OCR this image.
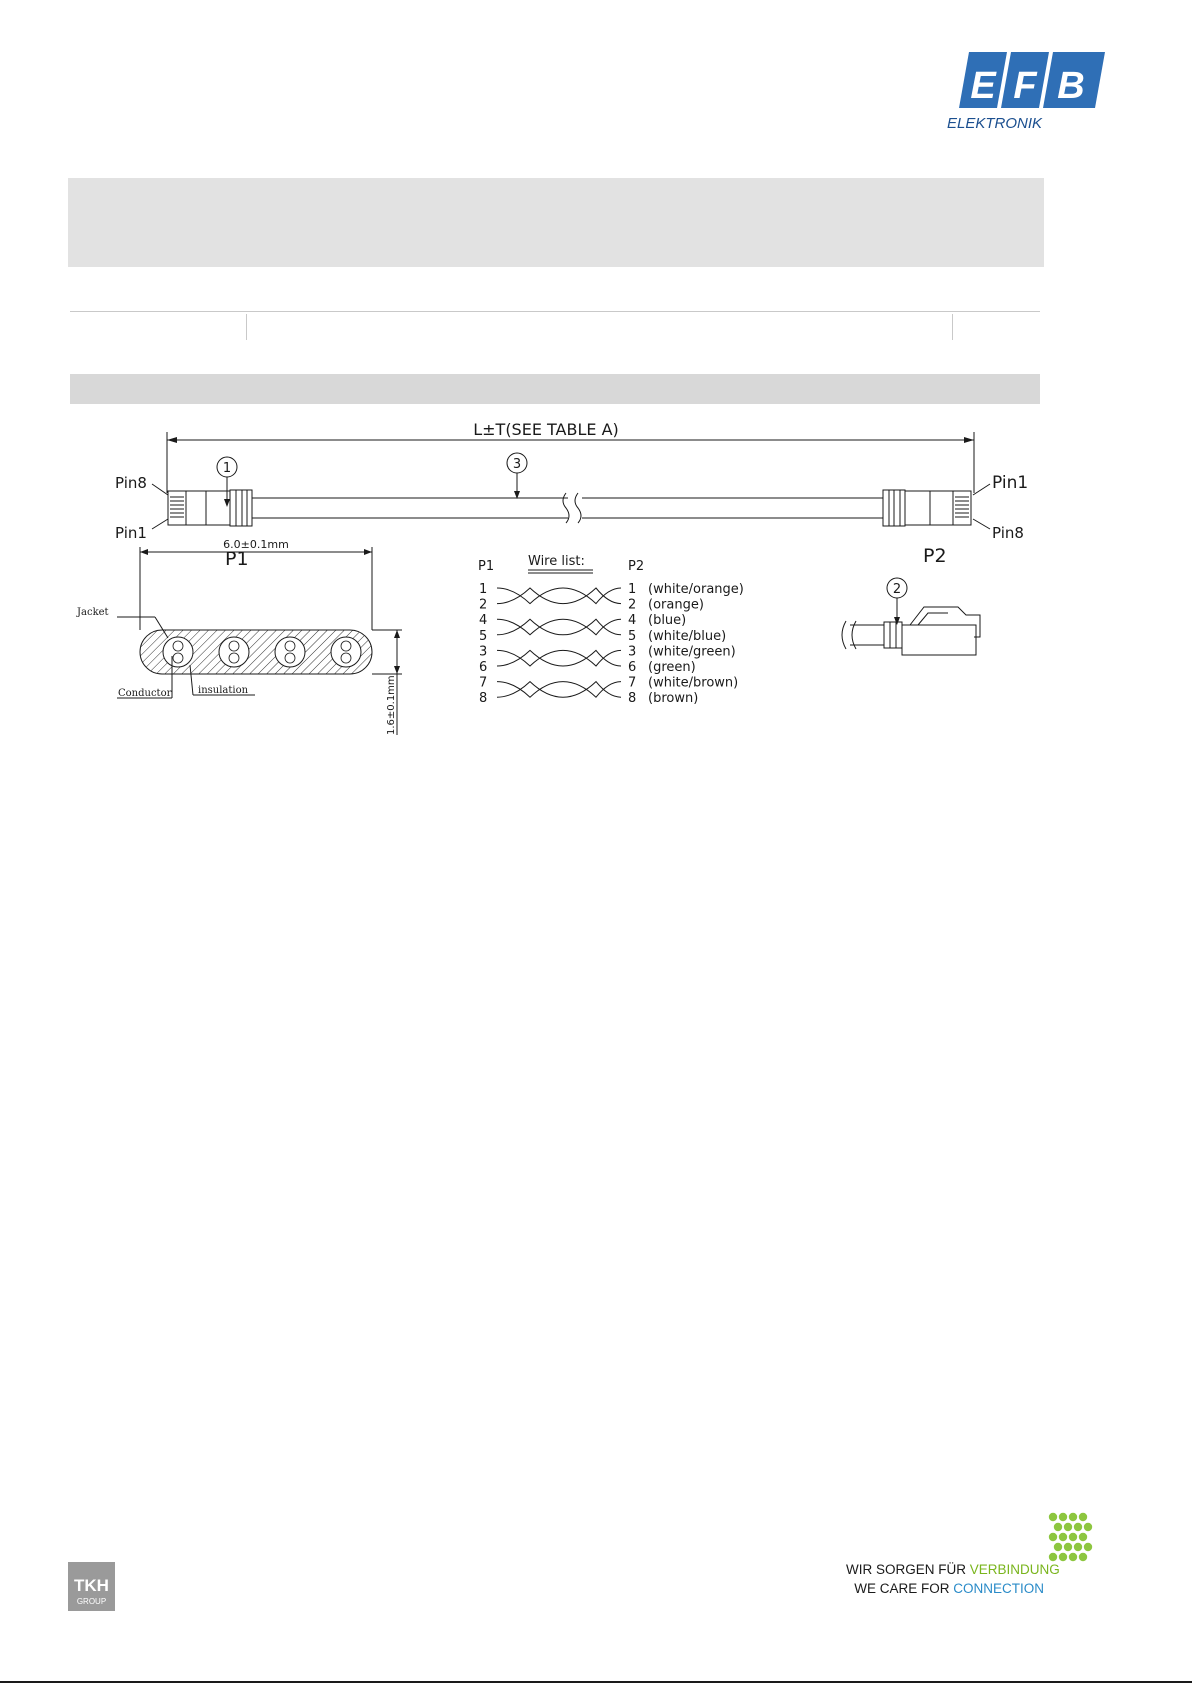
E F B
ELEKTRONIK
L±T(SEE TABLE A)
Pin8
Pin1
Pin1
Pin8
P1	P2
1	3
6.0±0.1mm
1.6±0.1mm
Jacket
Conductor	insulation
P1	P2
Wire list:
1	1 (white/orange)
2	2 (orange)
4	4 (blue)
5	5 (white/blue)
3	3 (white/green)
6	6 (green)
7	7 (white/brown)
8	8 (brown)
2
TKH
GROUP
WIR SORGEN FÜR VERBINDUNG
WE CARE FOR CONNECTION
